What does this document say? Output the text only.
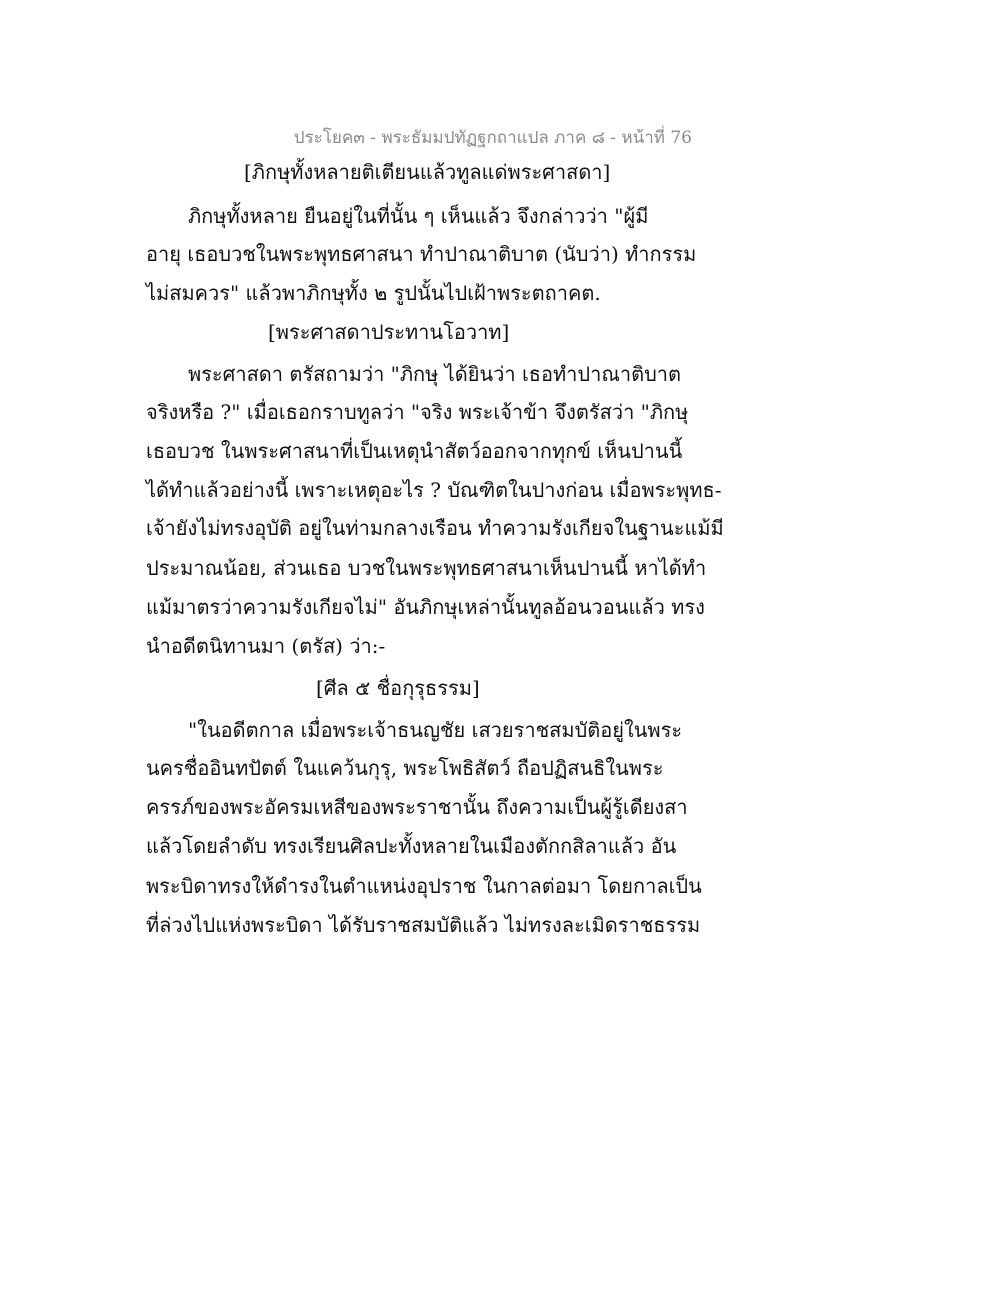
ประโยค๓ - พระธัมมปทัฏฐกถาแปล ภาค ๘ - หน้าที่ 76
[ภิกษุทั้งหลายติเตียนแล้วทูลแด่พระศาสดา]
ภิกษุทั้งหลาย ยืนอยู่ในที่นั้น ๆ เห็นแล้ว จึงกล่าวว่า "ผู้มี
อายุ เธอบวชในพระพุทธศาสนา ทำปาณาติบาต (นับว่า) ทำกรรม
ไม่สมควร" แล้วพาภิกษุทั้ง ๒ รูปนั้นไปเฝ้าพระตถาคต.
[พระศาสดาประทานโอวาท]
พระศาสดา ตรัสถามว่า "ภิกษุ ได้ยินว่า เธอทำปาณาติบาต
จริงหรือ ?" เมื่อเธอกราบทูลว่า "จริง พระเจ้าข้า จึงตรัสว่า "ภิกษุ
เธอบวช ในพระศาสนาที่เป็นเหตุนำสัตว์ออกจากทุกข์ เห็นปานนี้
ได้ทำแล้วอย่างนี้ เพราะเหตุอะไร ? บัณฑิตในปางก่อน เมื่อพระพุทธ-
เจ้ายังไม่ทรงอุบัติ อยู่ในท่ามกลางเรือน ทำความรังเกียจในฐานะแม้มี
ประมาณน้อย, ส่วนเธอ บวชในพระพุทธศาสนาเห็นปานนี้ หาได้ทำ
แม้มาตรว่าความรังเกียจไม่" อันภิกษุเหล่านั้นทูลอ้อนวอนแล้ว ทรง
นำอดีตนิทานมา (ตรัส) ว่า:-
[ศีล ๕ ชื่อกุรุธรรม]
"ในอดีตกาล เมื่อพระเจ้าธนญชัย เสวยราชสมบัติอยู่ในพระ
นครชื่ออินทปัตต์ ในแคว้นกุรุ, พระโพธิสัตว์ ถือปฏิสนธิในพระ
ครรภ์ของพระอัครมเหสีของพระราชานั้น ถึงความเป็นผู้รู้เดียงสา
แล้วโดยลำดับ ทรงเรียนศิลปะทั้งหลายในเมืองตักกสิลาแล้ว อัน
พระบิดาทรงให้ดำรงในตำแหน่งอุปราช ในกาลต่อมา โดยกาลเป็น
ที่ล่วงไปแห่งพระบิดา ได้รับราชสมบัติแล้ว ไม่ทรงละเมิดราชธรรม
